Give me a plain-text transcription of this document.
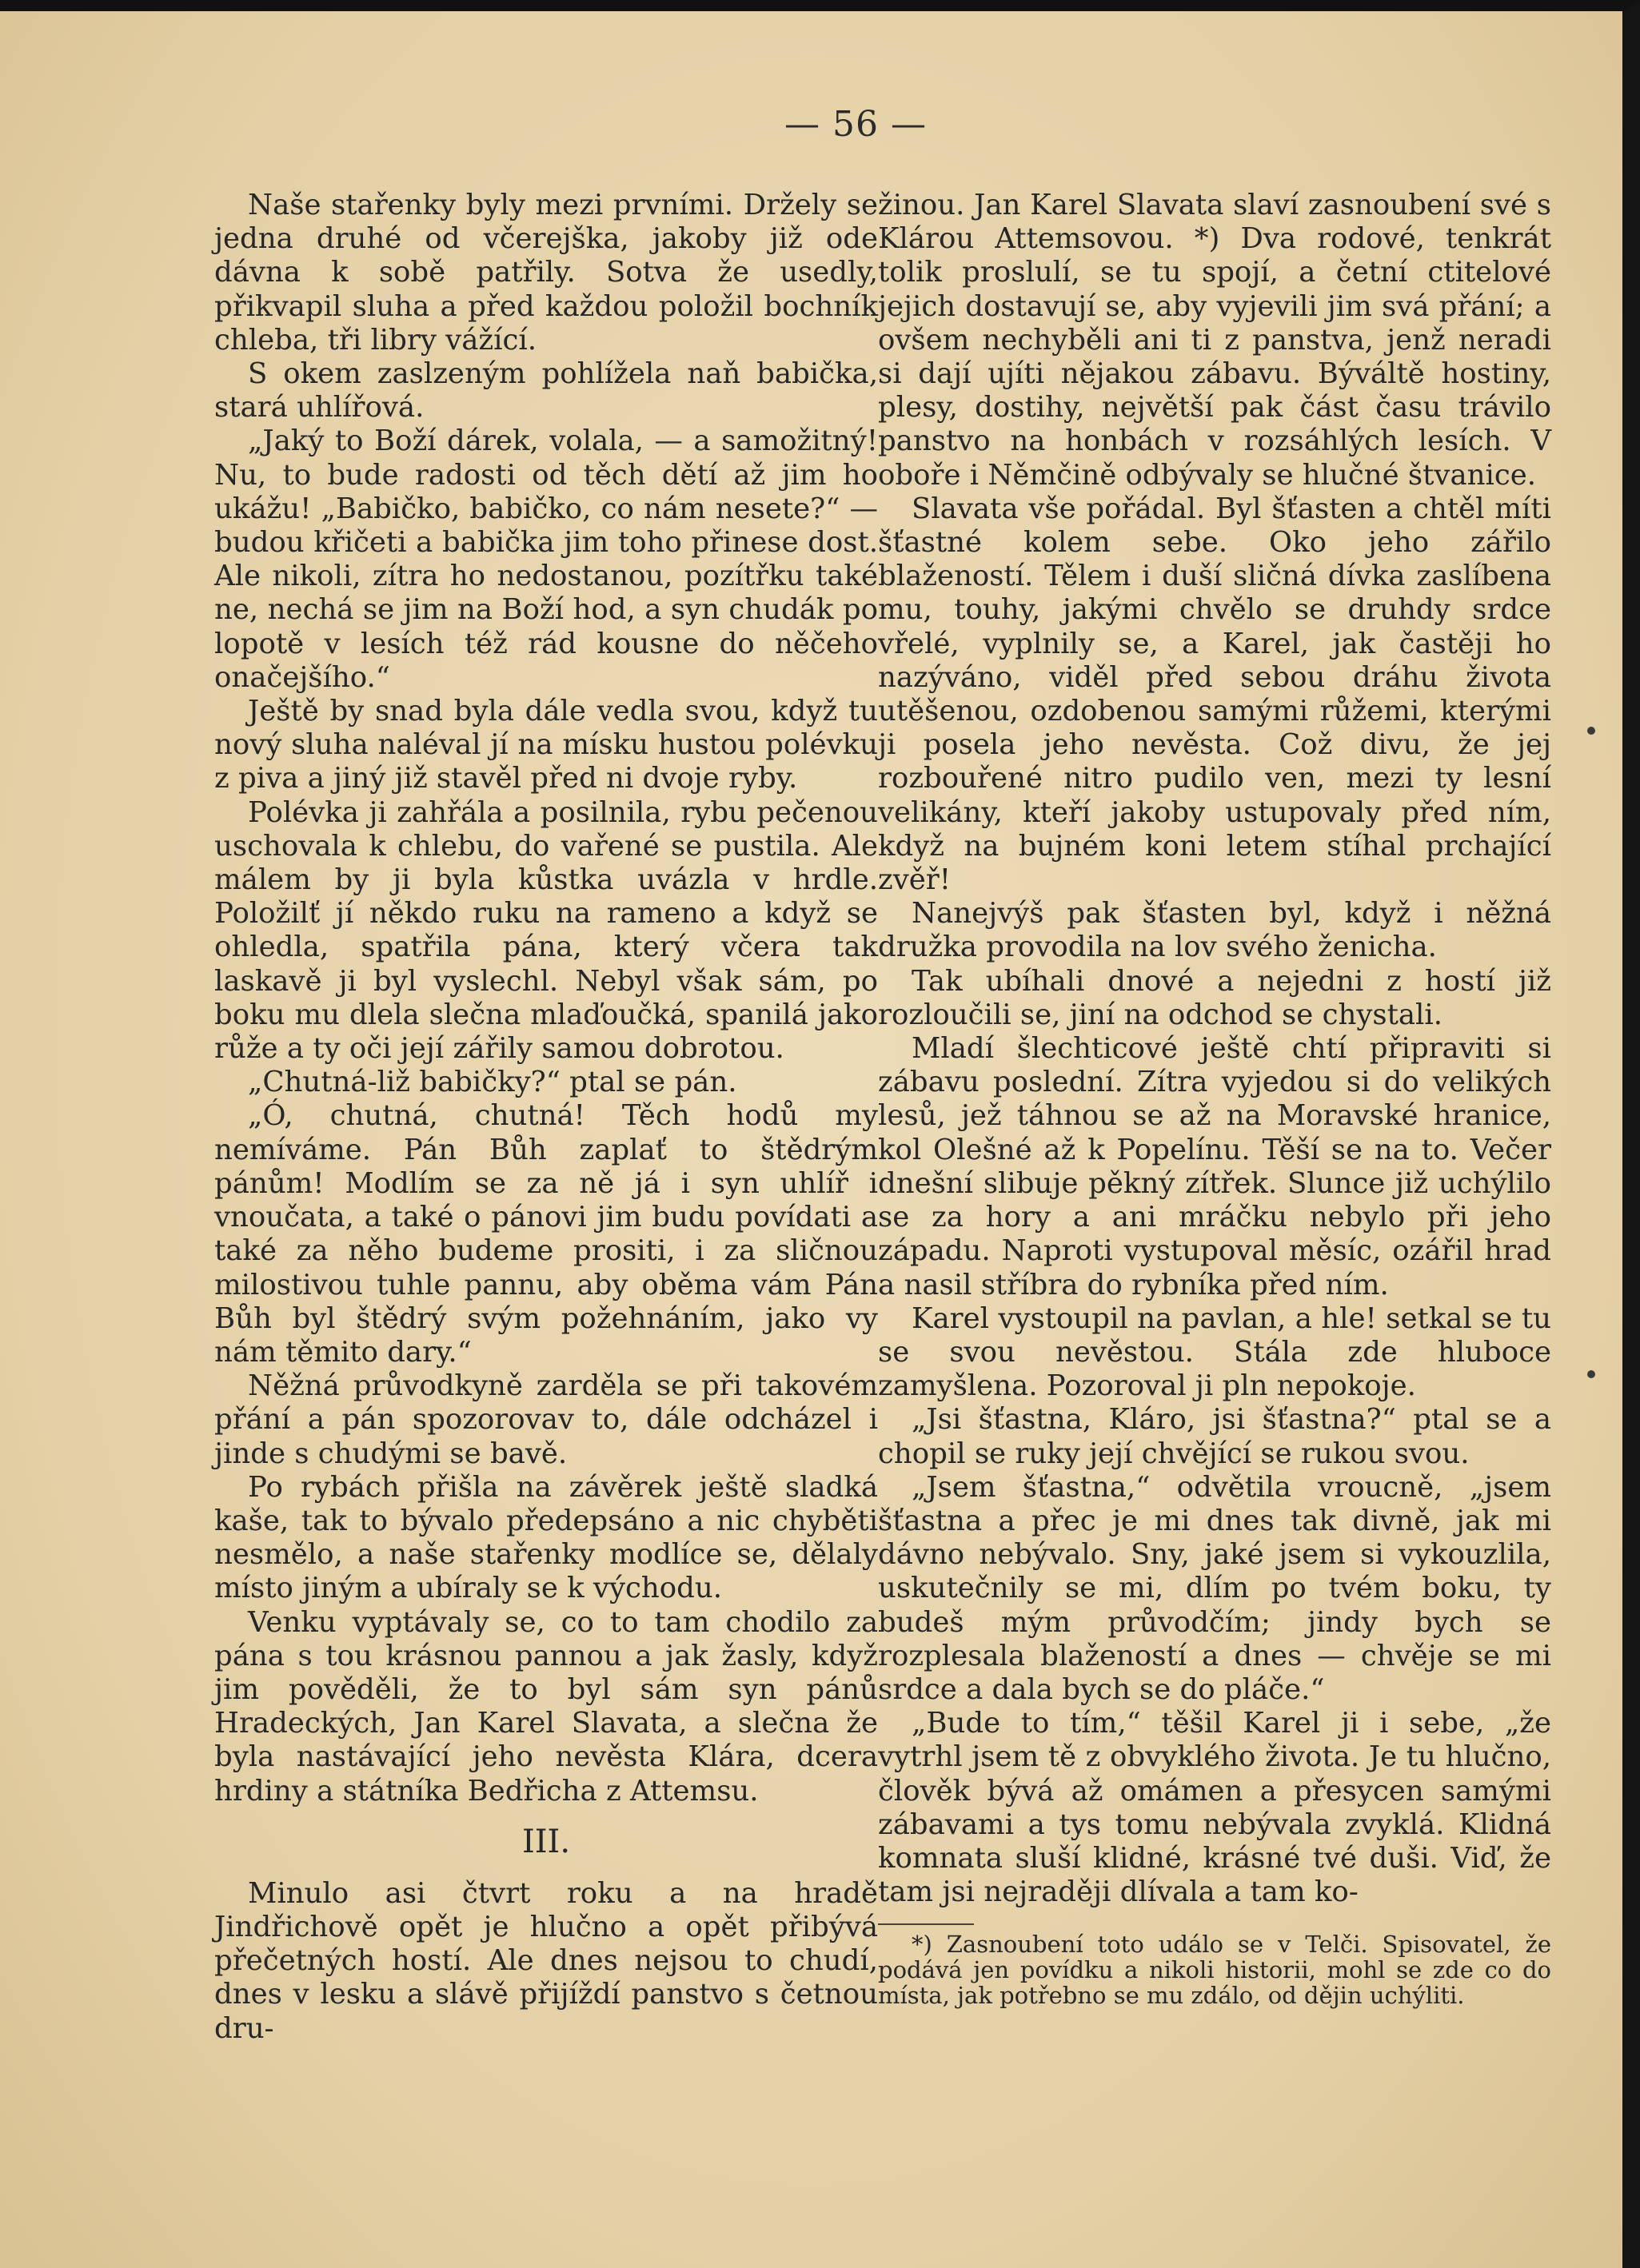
— 56 —

Naše stařenky byly mezi prvními. Držely se jedna druhé od včerejška, jakoby již ode dávna k sobě patřily. Sotva že usedly, přikvapil sluha a před každou položil bochník chleba, tři libry vážící.

S okem zaslzeným pohlížela naň babička, stará uhlířová.

„Jaký to Boží dárek, volala, — a samožitný! Nu, to bude radosti od těch dětí až jim ho ukážu! „Babičko, babičko, co nám nesete?“ — budou křičeti a babička jim toho přinese dost. Ale nikoli, zítra ho nedostanou, pozítřku také ne, nechá se jim na Boží hod, a syn chudák po lopotě v lesích též rád kousne do něčeho onačejšího.“

Ještě by snad byla dále vedla svou, když tu nový sluha naléval jí na mísku hustou polévku z piva a jiný již stavěl před ni dvoje ryby.

Polévka ji zahřála a posilnila, rybu pečenou uschovala k chlebu, do vařené se pustila. Ale málem by ji byla kůstka uvázla v hrdle. Položilť jí někdo ruku na rameno a když se ohledla, spatřila pána, který včera tak laskavě ji byl vyslechl. Nebyl však sám, po boku mu dlela slečna mlaďoučká, spanilá jako růže a ty oči její zářily samou dobrotou.

„Chutná-liž babičky?“ ptal se pán.

„Ó, chutná, chutná! Těch hodů my nemíváme. Pán Bůh zaplať to štědrým pánům! Modlím se za ně já i syn uhlíř i vnoučata, a také o pánovi jim budu povídati a také za něho budeme prositi, i za sličnou milostivou tuhle pannu, aby oběma vám Pán Bůh byl štědrý svým požehnáním, jako vy nám těmito dary.“

Něžná průvodkyně zarděla se při takovém přání a pán spozorovav to, dále odcházel i jinde s chudými se bavě.

Po rybách přišla na závěrek ještě sladká kaše, tak to bývalo předepsáno a nic chyběti nesmělo, a naše stařenky modlíce se, dělaly místo jiným a ubíraly se k východu.

Venku vyptávaly se, co to tam chodilo za pána s tou krásnou pannou a jak žasly, když jim pověděli, že to byl sám syn pánů Hradeckých, Jan Karel Slavata, a slečna že byla nastávající jeho nevěsta Klára, dcera hrdiny a státníka Bedřicha z Attemsu.

III.

Minulo asi čtvrt roku a na hradě Jindřichově opět je hlučno a opět přibývá přečetných hostí. Ale dnes nejsou to chudí, dnes v lesku a slávě přijíždí panstvo s četnou dru-

žinou. Jan Karel Slavata slaví zasnoubení své s Klárou Attemsovou. *) Dva rodové, tenkrát tolik proslulí, se tu spojí, a četní ctitelové jejich dostavují se, aby vyjevili jim svá přání; a ovšem nechyběli ani ti z panstva, jenž neradi si dají ujíti nějakou zábavu. Býváltě hostiny, plesy, dostihy, největší pak část času trávilo panstvo na honbách v rozsáhlých lesích. V oboře i Němčině odbývaly se hlučné štvanice.

Slavata vše pořádal. Byl šťasten a chtěl míti šťastné kolem sebe. Oko jeho zářilo blažeností. Tělem i duší sličná dívka zaslíbena mu, touhy, jakými chvělo se druhdy srdce vřelé, vyplnily se, a Karel, jak častěji ho nazýváno, viděl před sebou dráhu života utěšenou, ozdobenou samými růžemi, kterými ji posela jeho nevěsta. Což divu, že jej rozbouřené nitro pudilo ven, mezi ty lesní velikány, kteří jakoby ustupovaly před ním, když na bujném koni letem stíhal prchající zvěř!

Nanejvýš pak šťasten byl, když i něžná družka provodila na lov svého ženicha.

Tak ubíhali dnové a nejedni z hostí již rozloučili se, jiní na odchod se chystali.

Mladí šlechticové ještě chtí připraviti si zábavu poslední. Zítra vyjedou si do velikých lesů, jež táhnou se až na Moravské hranice, kol Olešné až k Popelínu. Těší se na to. Večer dnešní slibuje pěkný zítřek. Slunce již uchýlilo se za hory a ani mráčku nebylo při jeho západu. Naproti vystupoval měsíc, ozářil hrad a nasil stříbra do rybníka před ním.

Karel vystoupil na pavlan, a hle! setkal se tu se svou nevěstou. Stála zde hluboce zamyšlena. Pozoroval ji pln nepokoje.

„Jsi šťastna, Kláro, jsi šťastna?“ ptal se a chopil se ruky její chvějící se rukou svou.

„Jsem šťastna,“ odvětila vroucně, „jsem šťastna a přec je mi dnes tak divně, jak mi dávno nebývalo. Sny, jaké jsem si vykouzlila, uskutečnily se mi, dlím po tvém boku, ty budeš mým průvodčím; jindy bych se rozplesala blažeností a dnes — chvěje se mi srdce a dala bych se do pláče.“

„Bude to tím,“ těšil Karel ji i sebe, „že vytrhl jsem tě z obvyklého života. Je tu hlučno, člověk bývá až omámen a přesycen samými zábavami a tys tomu nebývala zvyklá. Klidná komnata sluší klidné, krásné tvé duši. Viď, že tam jsi nejraději dlívala a tam ko-

*) Zasnoubení toto událo se v Telči. Spisovatel, že podává jen povídku a nikoli historii, mohl se zde co do místa, jak potřebno se mu zdálo, od dějin uchýliti.
